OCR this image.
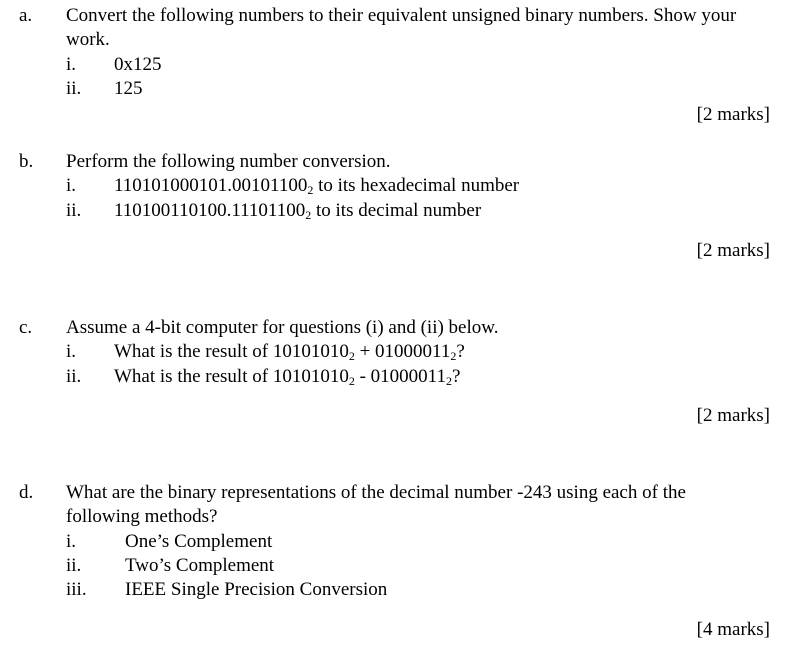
a. Convert the following numbers to their equivalent unsigned binary numbers. Show your work.
i. 0x125
ii. 125
[2 marks]
b. Perform the following number conversion.
i. $110101000101.00101100_2$ to its hexadecimal number
ii. $110100110100.11101100_2$ to its decimal number
[2 marks]
c. Assume a 4-bit computer for questions (i) and (ii) below.
i. What is the result of $10101010_2 + 01000011_2$?
ii. What is the result of $10101010_2 - 01000011_2$?
[2 marks]
d. What are the binary representations of the decimal number -243 using each of the following methods?
i.	One’s Complement
ii. Two’s Complement
iii. IEEE Single Precision Conversion
[4 marks]
